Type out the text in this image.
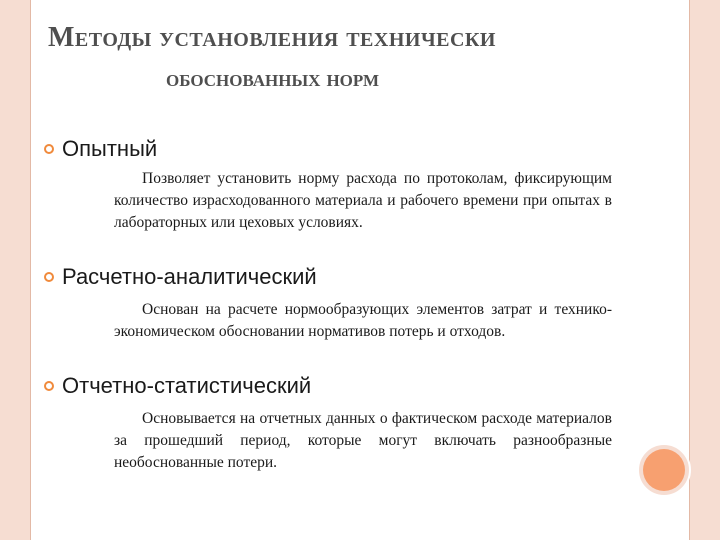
Методы установления технически
обоснованных норм
Опытный
Позволяет установить норму расхода по протоколам, фиксирующим количество израсходованного материала и рабочего времени при опытах в лабораторных или цеховых условиях.
Расчетно-аналитический
Основан на расчете нормообразующих элементов затрат и технико-экономическом обосновании нормативов потерь и отходов.
Отчетно-статистический
Основывается на отчетных данных о фактическом расходе материалов за прошедший период, которые могут включать разнообразные необоснованные потери.
